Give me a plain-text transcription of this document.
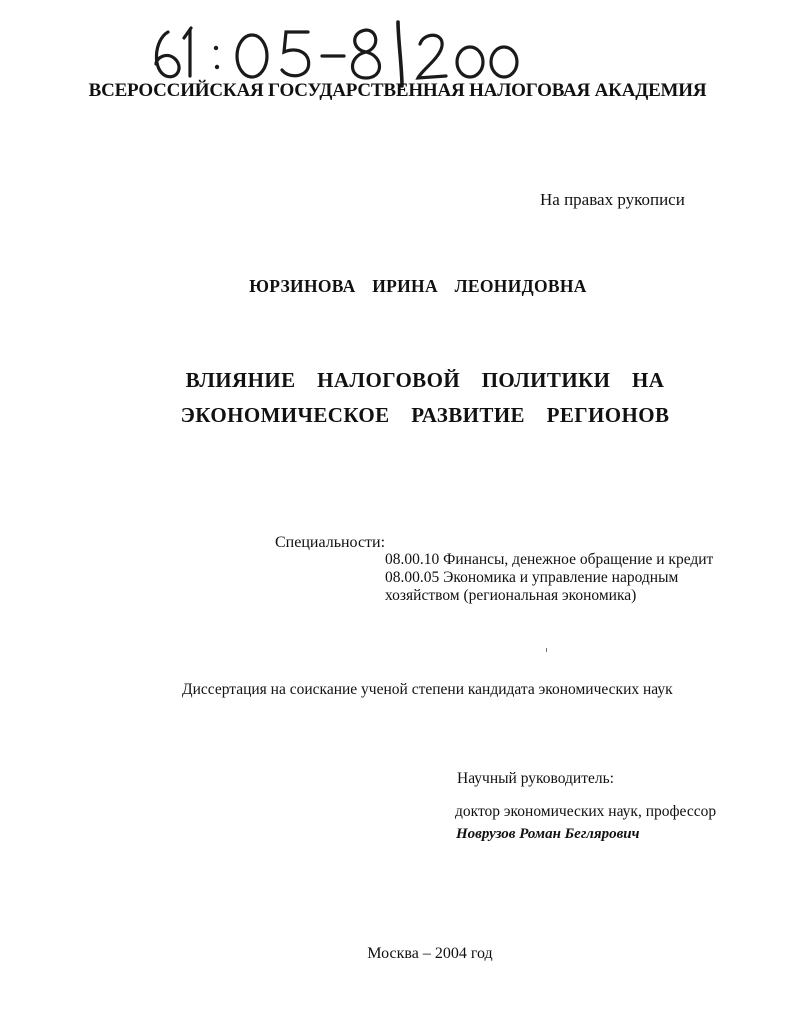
ВСЕРОССИЙСКАЯ ГОСУДАРСТВЕННАЯ НАЛОГОВАЯ АКАДЕМИЯ
На правах рукописи
ЮРЗИНОВА ИРИНА ЛЕОНИДОВНА
ВЛИЯНИЕ НАЛОГОВОЙ ПОЛИТИКИ НА
ЭКОНОМИЧЕСКОЕ РАЗВИТИЕ РЕГИОНОВ
Специальности:
08.00.10 Финансы, денежное обращение и кредит
08.00.05 Экономика и управление народным
хозяйством (региональная экономика)
Диссертация на соискание ученой степени кандидата экономических наук
Научный руководитель:
доктор экономических наук, профессор
Новрузов Роман Беглярович
Москва – 2004 год
